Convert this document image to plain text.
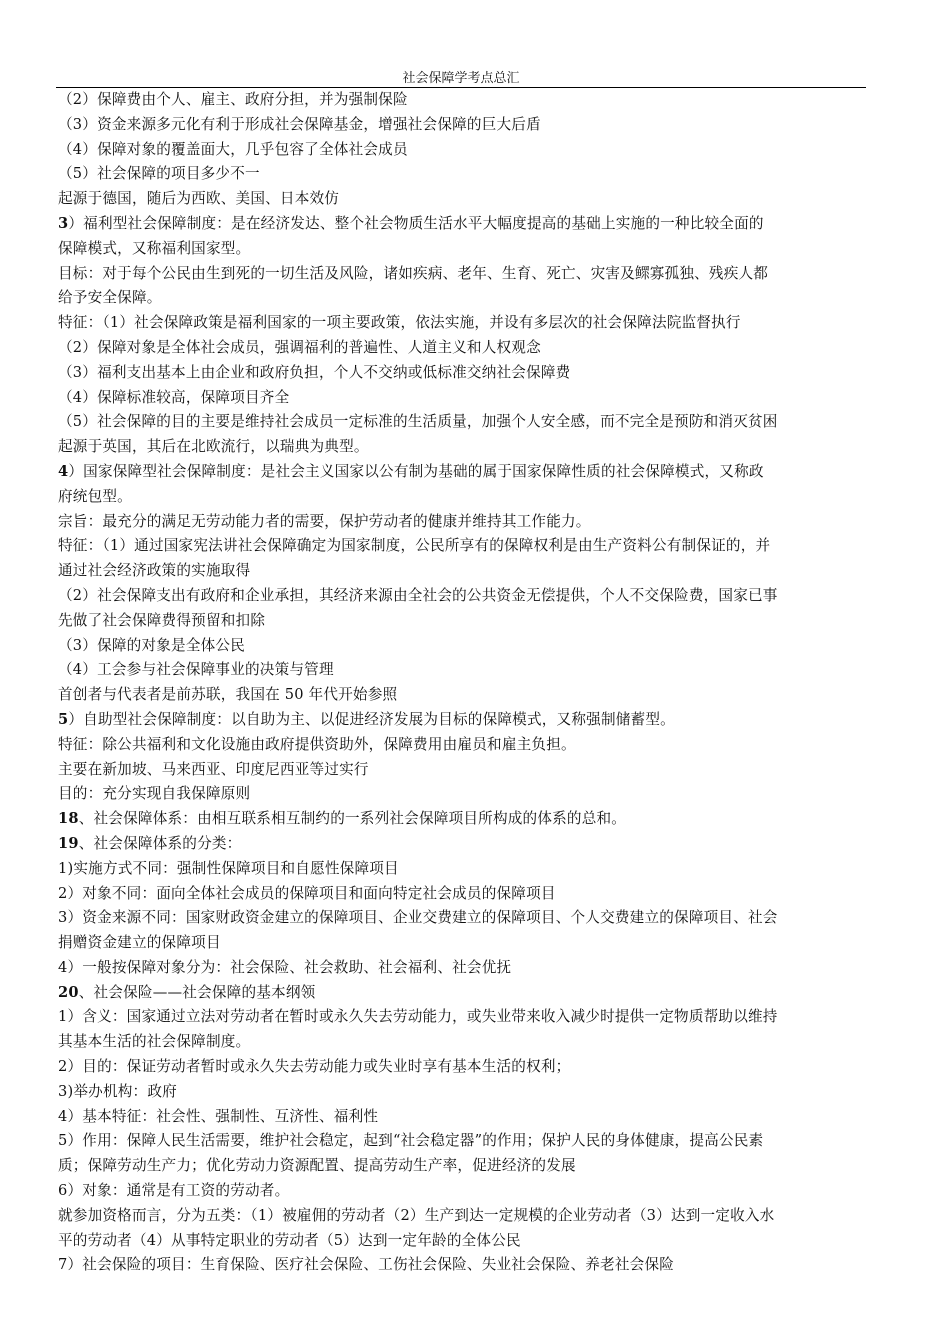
社会保障学考点总汇
（2）保障费由个人、雇主、政府分担，并为强制保险
（3）资金来源多元化有利于形成社会保障基金，增强社会保障的巨大后盾
（4）保障对象的覆盖面大，几乎包容了全体社会成员
（5）社会保障的项目多少不一
起源于德国，随后为西欧、美国、日本效仿
3）福利型社会保障制度：是在经济发达、整个社会物质生活水平大幅度提高的基础上实施的一种比较全面的
保障模式，又称福利国家型。
目标：对于每个公民由生到死的一切生活及风险，诸如疾病、老年、生育、死亡、灾害及鳏寡孤独、残疾人都
给予安全保障。
特征：（1）社会保障政策是福利国家的一项主要政策，依法实施，并设有多层次的社会保障法院监督执行
（2）保障对象是全体社会成员，强调福利的普遍性、人道主义和人权观念
（3）福利支出基本上由企业和政府负担，个人不交纳或低标准交纳社会保障费
（4）保障标准较高，保障项目齐全
（5）社会保障的目的主要是维持社会成员一定标准的生活质量，加强个人安全感，而不完全是预防和消灭贫困
起源于英国，其后在北欧流行，以瑞典为典型。
4）国家保障型社会保障制度：是社会主义国家以公有制为基础的属于国家保障性质的社会保障模式，又称政
府统包型。
宗旨：最充分的满足无劳动能力者的需要，保护劳动者的健康并维持其工作能力。
特征：（1）通过国家宪法讲社会保障确定为国家制度，公民所享有的保障权利是由生产资料公有制保证的，并
通过社会经济政策的实施取得
（2）社会保障支出有政府和企业承担，其经济来源由全社会的公共资金无偿提供，个人不交保险费，国家已事
先做了社会保障费得预留和扣除
（3）保障的对象是全体公民
（4）工会参与社会保障事业的决策与管理
首创者与代表者是前苏联，我国在 50 年代开始参照
5）自助型社会保障制度：以自助为主、以促进经济发展为目标的保障模式，又称强制储蓄型。
特征：除公共福利和文化设施由政府提供资助外，保障费用由雇员和雇主负担。
主要在新加坡、马来西亚、印度尼西亚等过实行
目的：充分实现自我保障原则
18、社会保障体系：由相互联系相互制约的一系列社会保障项目所构成的体系的总和。
19、社会保障体系的分类：
1)实施方式不同：强制性保障项目和自愿性保障项目
2）对象不同：面向全体社会成员的保障项目和面向特定社会成员的保障项目
3）资金来源不同：国家财政资金建立的保障项目、企业交费建立的保障项目、个人交费建立的保障项目、社会
捐赠资金建立的保障项目
4）一般按保障对象分为：社会保险、社会救助、社会福利、社会优抚
20、社会保险——社会保障的基本纲领
1）含义：国家通过立法对劳动者在暂时或永久失去劳动能力，或失业带来收入减少时提供一定物质帮助以维持
其基本生活的社会保障制度。
2）目的：保证劳动者暂时或永久失去劳动能力或失业时享有基本生活的权利；
3)举办机构：政府
4）基本特征：社会性、强制性、互济性、福利性
5）作用：保障人民生活需要，维护社会稳定，起到“社会稳定器”的作用；保护人民的身体健康，提高公民素
质；保障劳动生产力；优化劳动力资源配置、提高劳动生产率，促进经济的发展
6）对象：通常是有工资的劳动者。
就参加资格而言，分为五类：（1）被雇佣的劳动者（2）生产到达一定规模的企业劳动者（3）达到一定收入水
平的劳动者（4）从事特定职业的劳动者（5）达到一定年龄的全体公民
7）社会保险的项目：生育保险、医疗社会保险、工伤社会保险、失业社会保险、养老社会保险
